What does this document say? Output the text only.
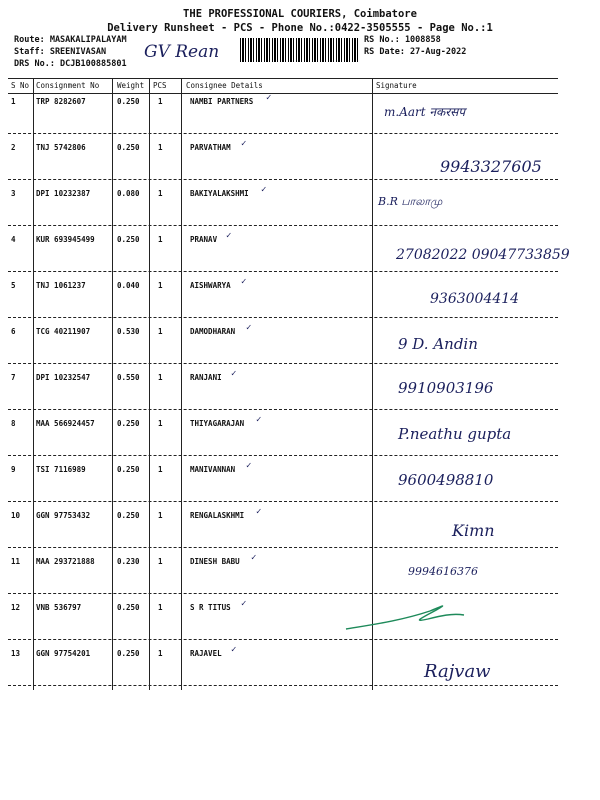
THE PROFESSIONAL COURIERS, Coimbatore
Delivery Runsheet - PCS - Phone No.:0422-3505555 - Page No.:1
Route: MASAKALIPALAYAM
Staff: SREENIVASAN
DRS No.: DCJB100885801
GV Rean
RS No.: 1008858
RS Date: 27-Aug-2022
S No Consignment No Weight PCS	Consignee Details	Signature
1	TRP 8282607	0.250 1	NAMBI PARTNERS ✓
m.Aart नकरसप
2	TNJ 5742806	0.250 1	PARVATHAM ✓
9943327605
3	DPI 10232387	0.080 1	BAKIYALAKSHMI ✓
B.R பாலாமு
4	KUR 693945499	0.250 1	PRANAV ✓
27082022 09047733859
5	TNJ 1061237	0.040 1	AISHWARYA ✓
9363004414
6	TCG 40211907	0.530 1	DAMODHARAN ✓
9 D. Andin
7	DPI 10232547	0.550 1	RANJANI ✓
9910903196
8	MAA 566924457	0.250 1	THIYAGARAJAN ✓
P.neathu gupta
9	TSI 7116989	0.250 1	MANIVANNAN ✓
9600498810
10 GGN 97753432	0.250 1	RENGALASKHMI ✓
Kimn
11 MAA 293721888	0.230 1	DINESH BABU ✓
9994616376
12 VNB 536797	0.250 1	S R TITUS ✓
13 GGN 97754201	0.250 1	RAJAVEL ✓
Rajvaw
